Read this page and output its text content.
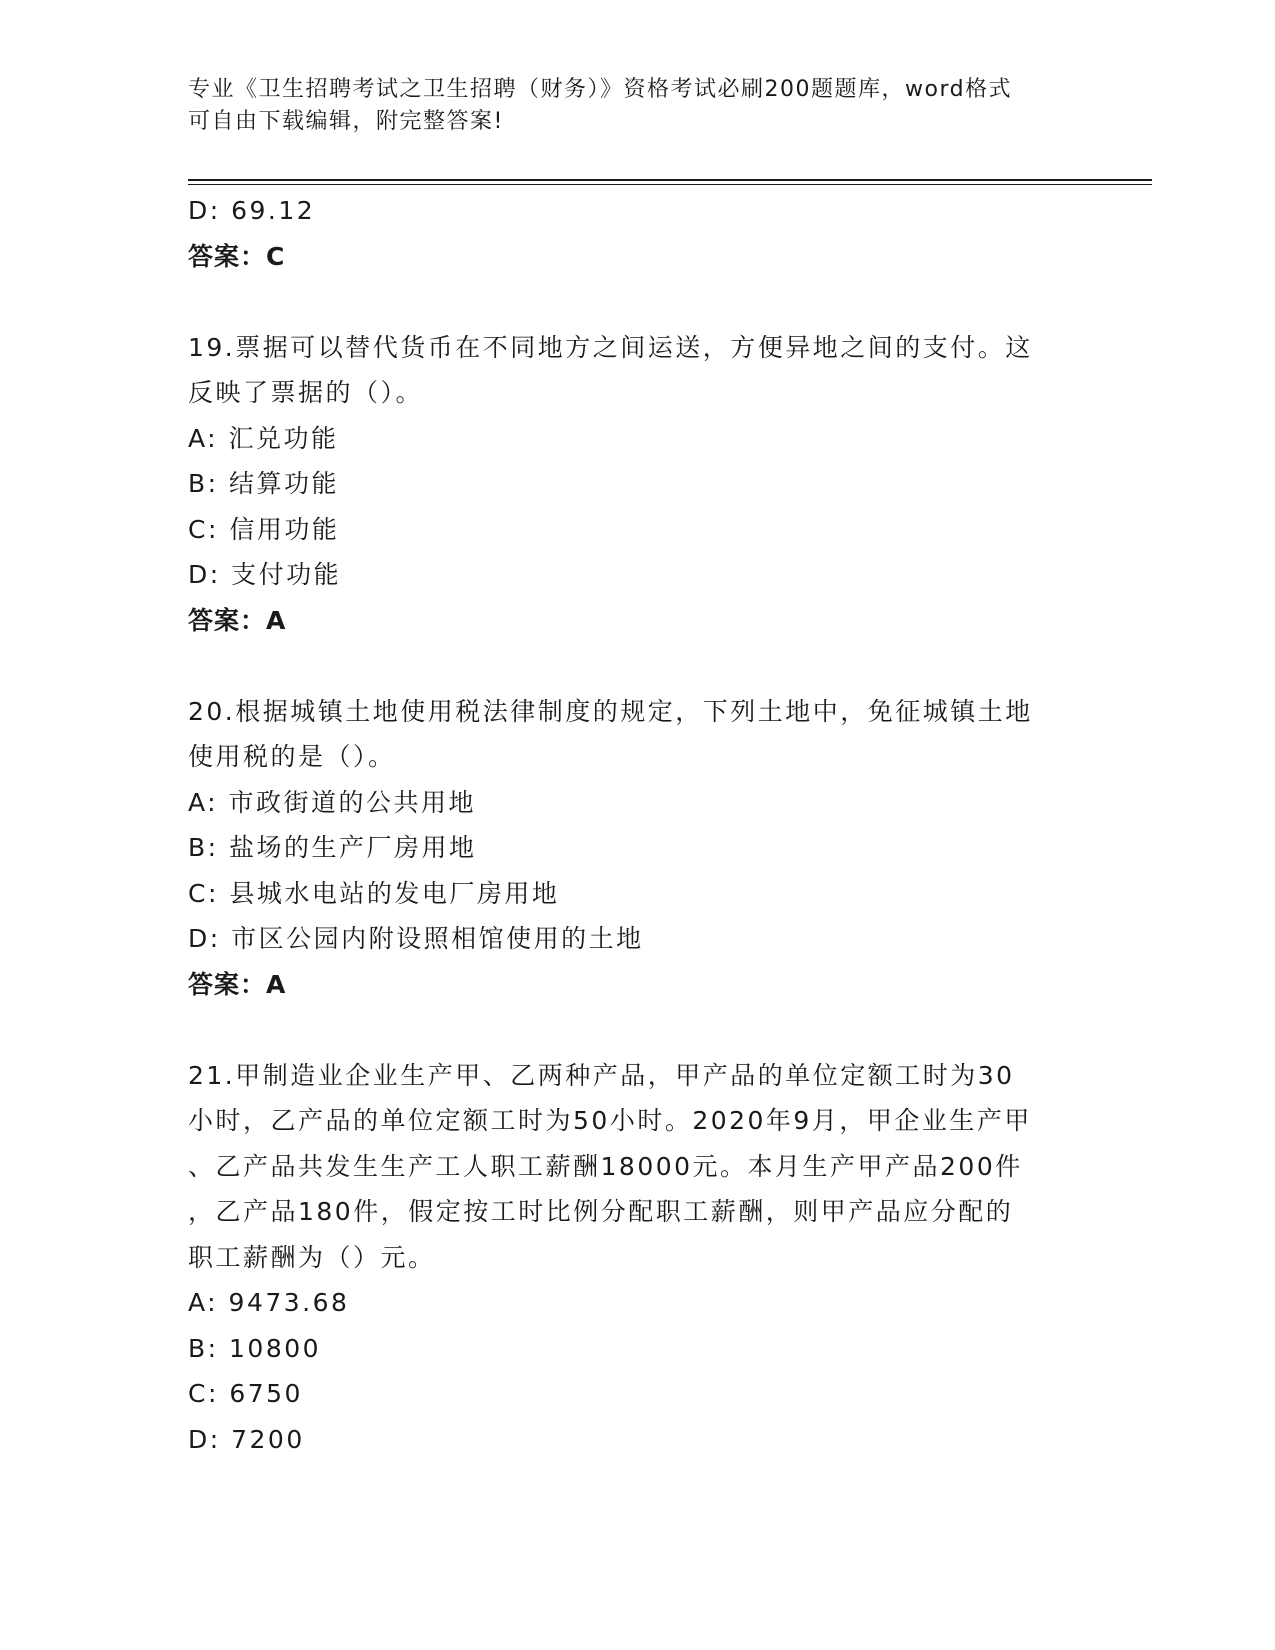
专业《卫生招聘考试之卫生招聘（财务）》资格考试必刷200题题库，word格式
可自由下载编辑，附完整答案!
D: 69.12
答案：C
19.票据可以替代货币在不同地方之间运送，方便异地之间的支付。这
反映了票据的（）。
A: 汇兑功能
B: 结算功能
C: 信用功能
D: 支付功能
答案：A
20.根据城镇土地使用税法律制度的规定，下列土地中，免征城镇土地
使用税的是（）。
A: 市政街道的公共用地
B: 盐场的生产厂房用地
C: 县城水电站的发电厂房用地
D: 市区公园内附设照相馆使用的土地
答案：A
21.甲制造业企业生产甲、乙两种产品，甲产品的单位定额工时为30
小时，乙产品的单位定额工时为50小时。2020年9月，甲企业生产甲
、乙产品共发生生产工人职工薪酬18000元。本月生产甲产品200件
，乙产品180件，假定按工时比例分配职工薪酬，则甲产品应分配的
职工薪酬为（）元。
A: 9473.68
B: 10800
C: 6750
D: 7200
